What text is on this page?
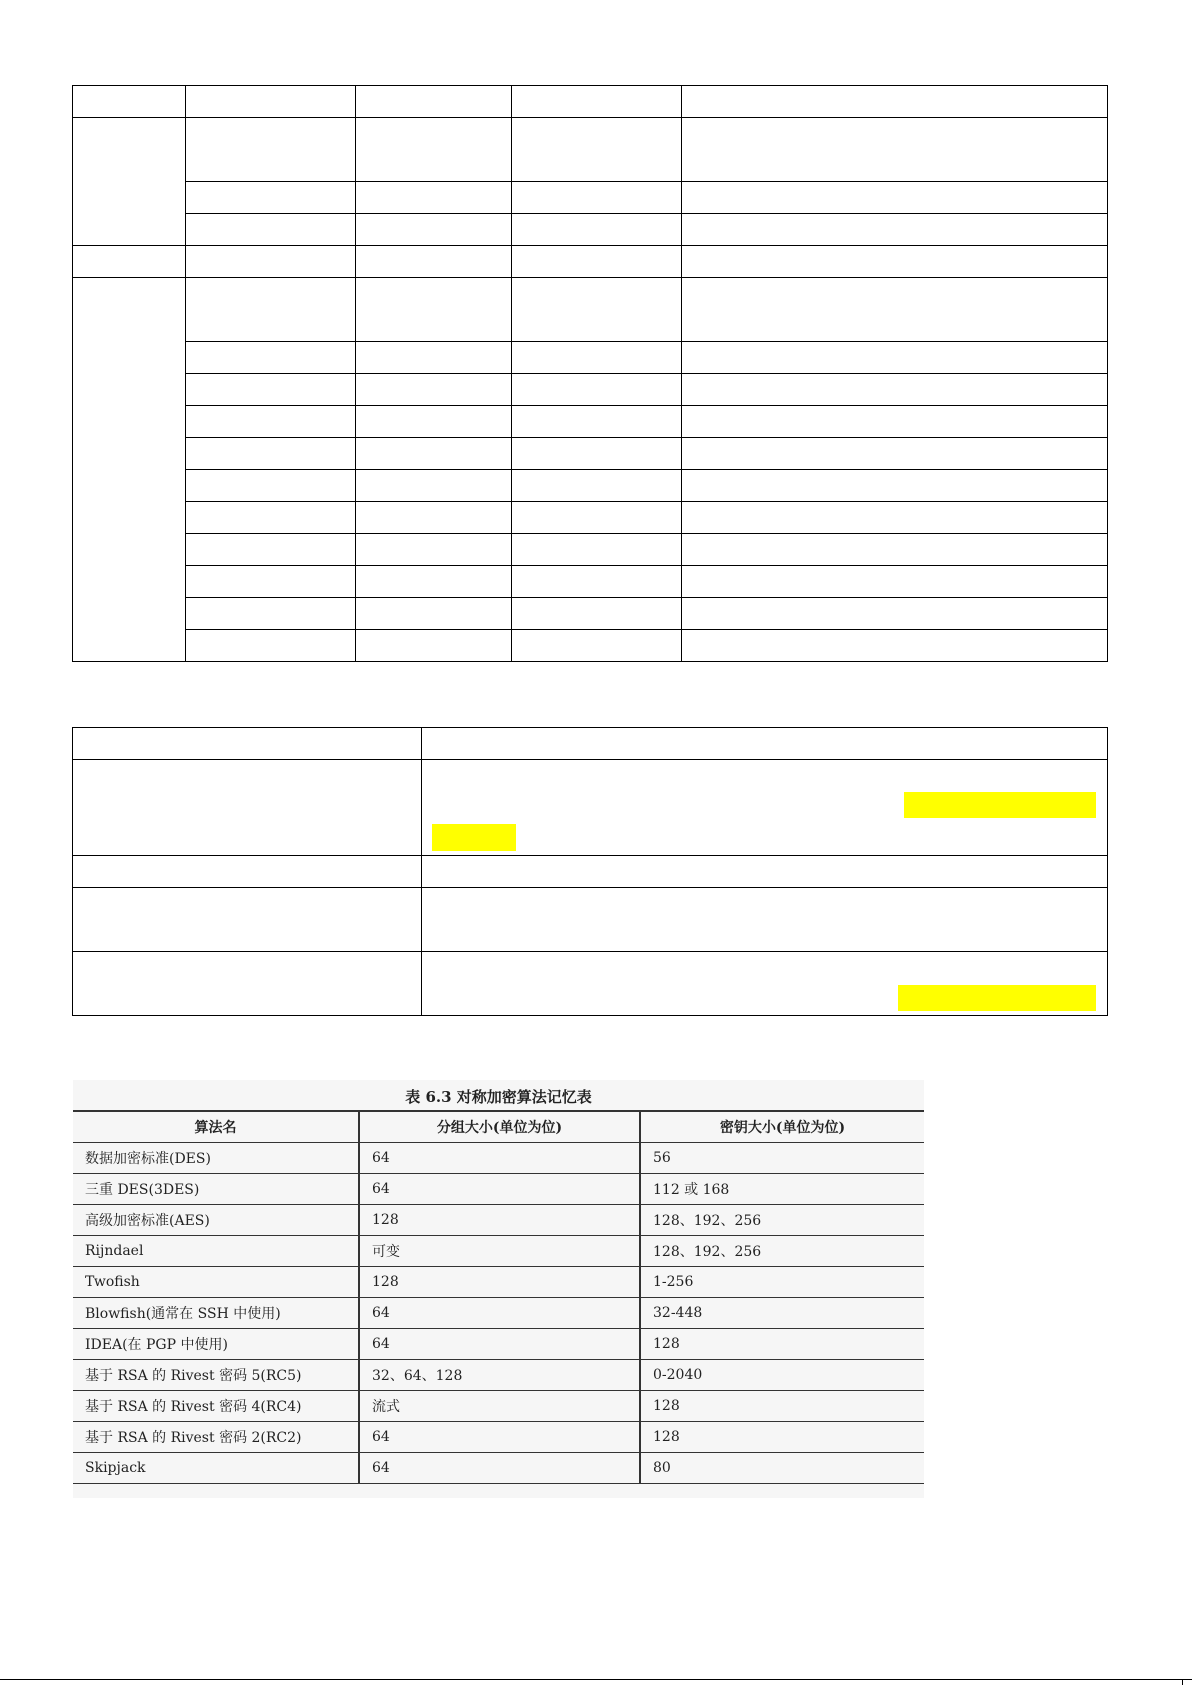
表 6.3 对称加密算法记忆表
算法名	分组大小(单位为位)	密钥大小(单位为位)
数据加密标准(DES)	64	56
三重 DES(3DES)	64	112 或 168
高级加密标准(AES)	128	128、192、256
Rijndael	可变	128、192、256
Twofish	128	1-256
Blowfish(通常在 SSH 中使用)	64	32-448
IDEA(在 PGP 中使用)	64	128
基于 RSA 的 Rivest 密码 5(RC5)	32、64、128	0-2040
基于 RSA 的 Rivest 密码 4(RC4)	流式	128
基于 RSA 的 Rivest 密码 2(RC2)	64	128
Skipjack	64	80
